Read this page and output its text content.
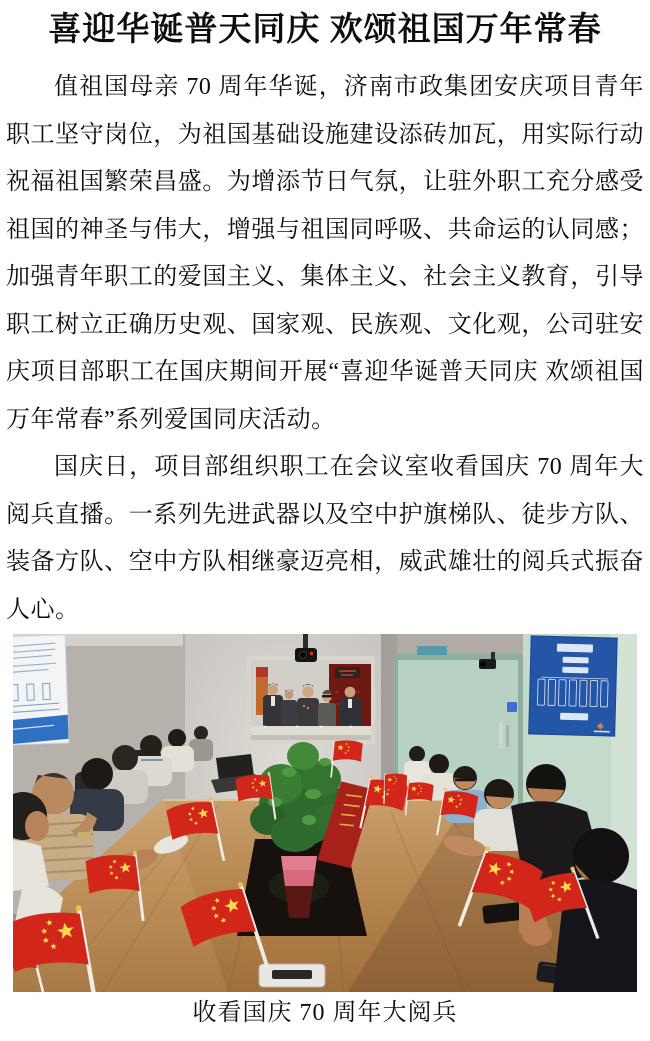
喜迎华诞普天同庆 欢颂祖国万年常春

值祖国母亲 70 周年华诞，济南市政集团安庆项目青年职工坚守岗位，为祖国基础设施建设添砖加瓦，用实际行动祝福祖国繁荣昌盛。为增添节日气氛，让驻外职工充分感受祖国的神圣与伟大，增强与祖国同呼吸、共命运的认同感；加强青年职工的爱国主义、集体主义、社会主义教育，引导职工树立正确历史观、国家观、民族观、文化观，公司驻安庆项目部职工在国庆期间开展“喜迎华诞普天同庆 欢颂祖国万年常春”系列爱国同庆活动。

国庆日，项目部组织职工在会议室收看国庆 70 周年大阅兵直播。一系列先进武器以及空中护旗梯队、徒步方队、装备方队、空中方队相继豪迈亮相，威武雄壮的阅兵式振奋人心。

收看国庆 70 周年大阅兵
